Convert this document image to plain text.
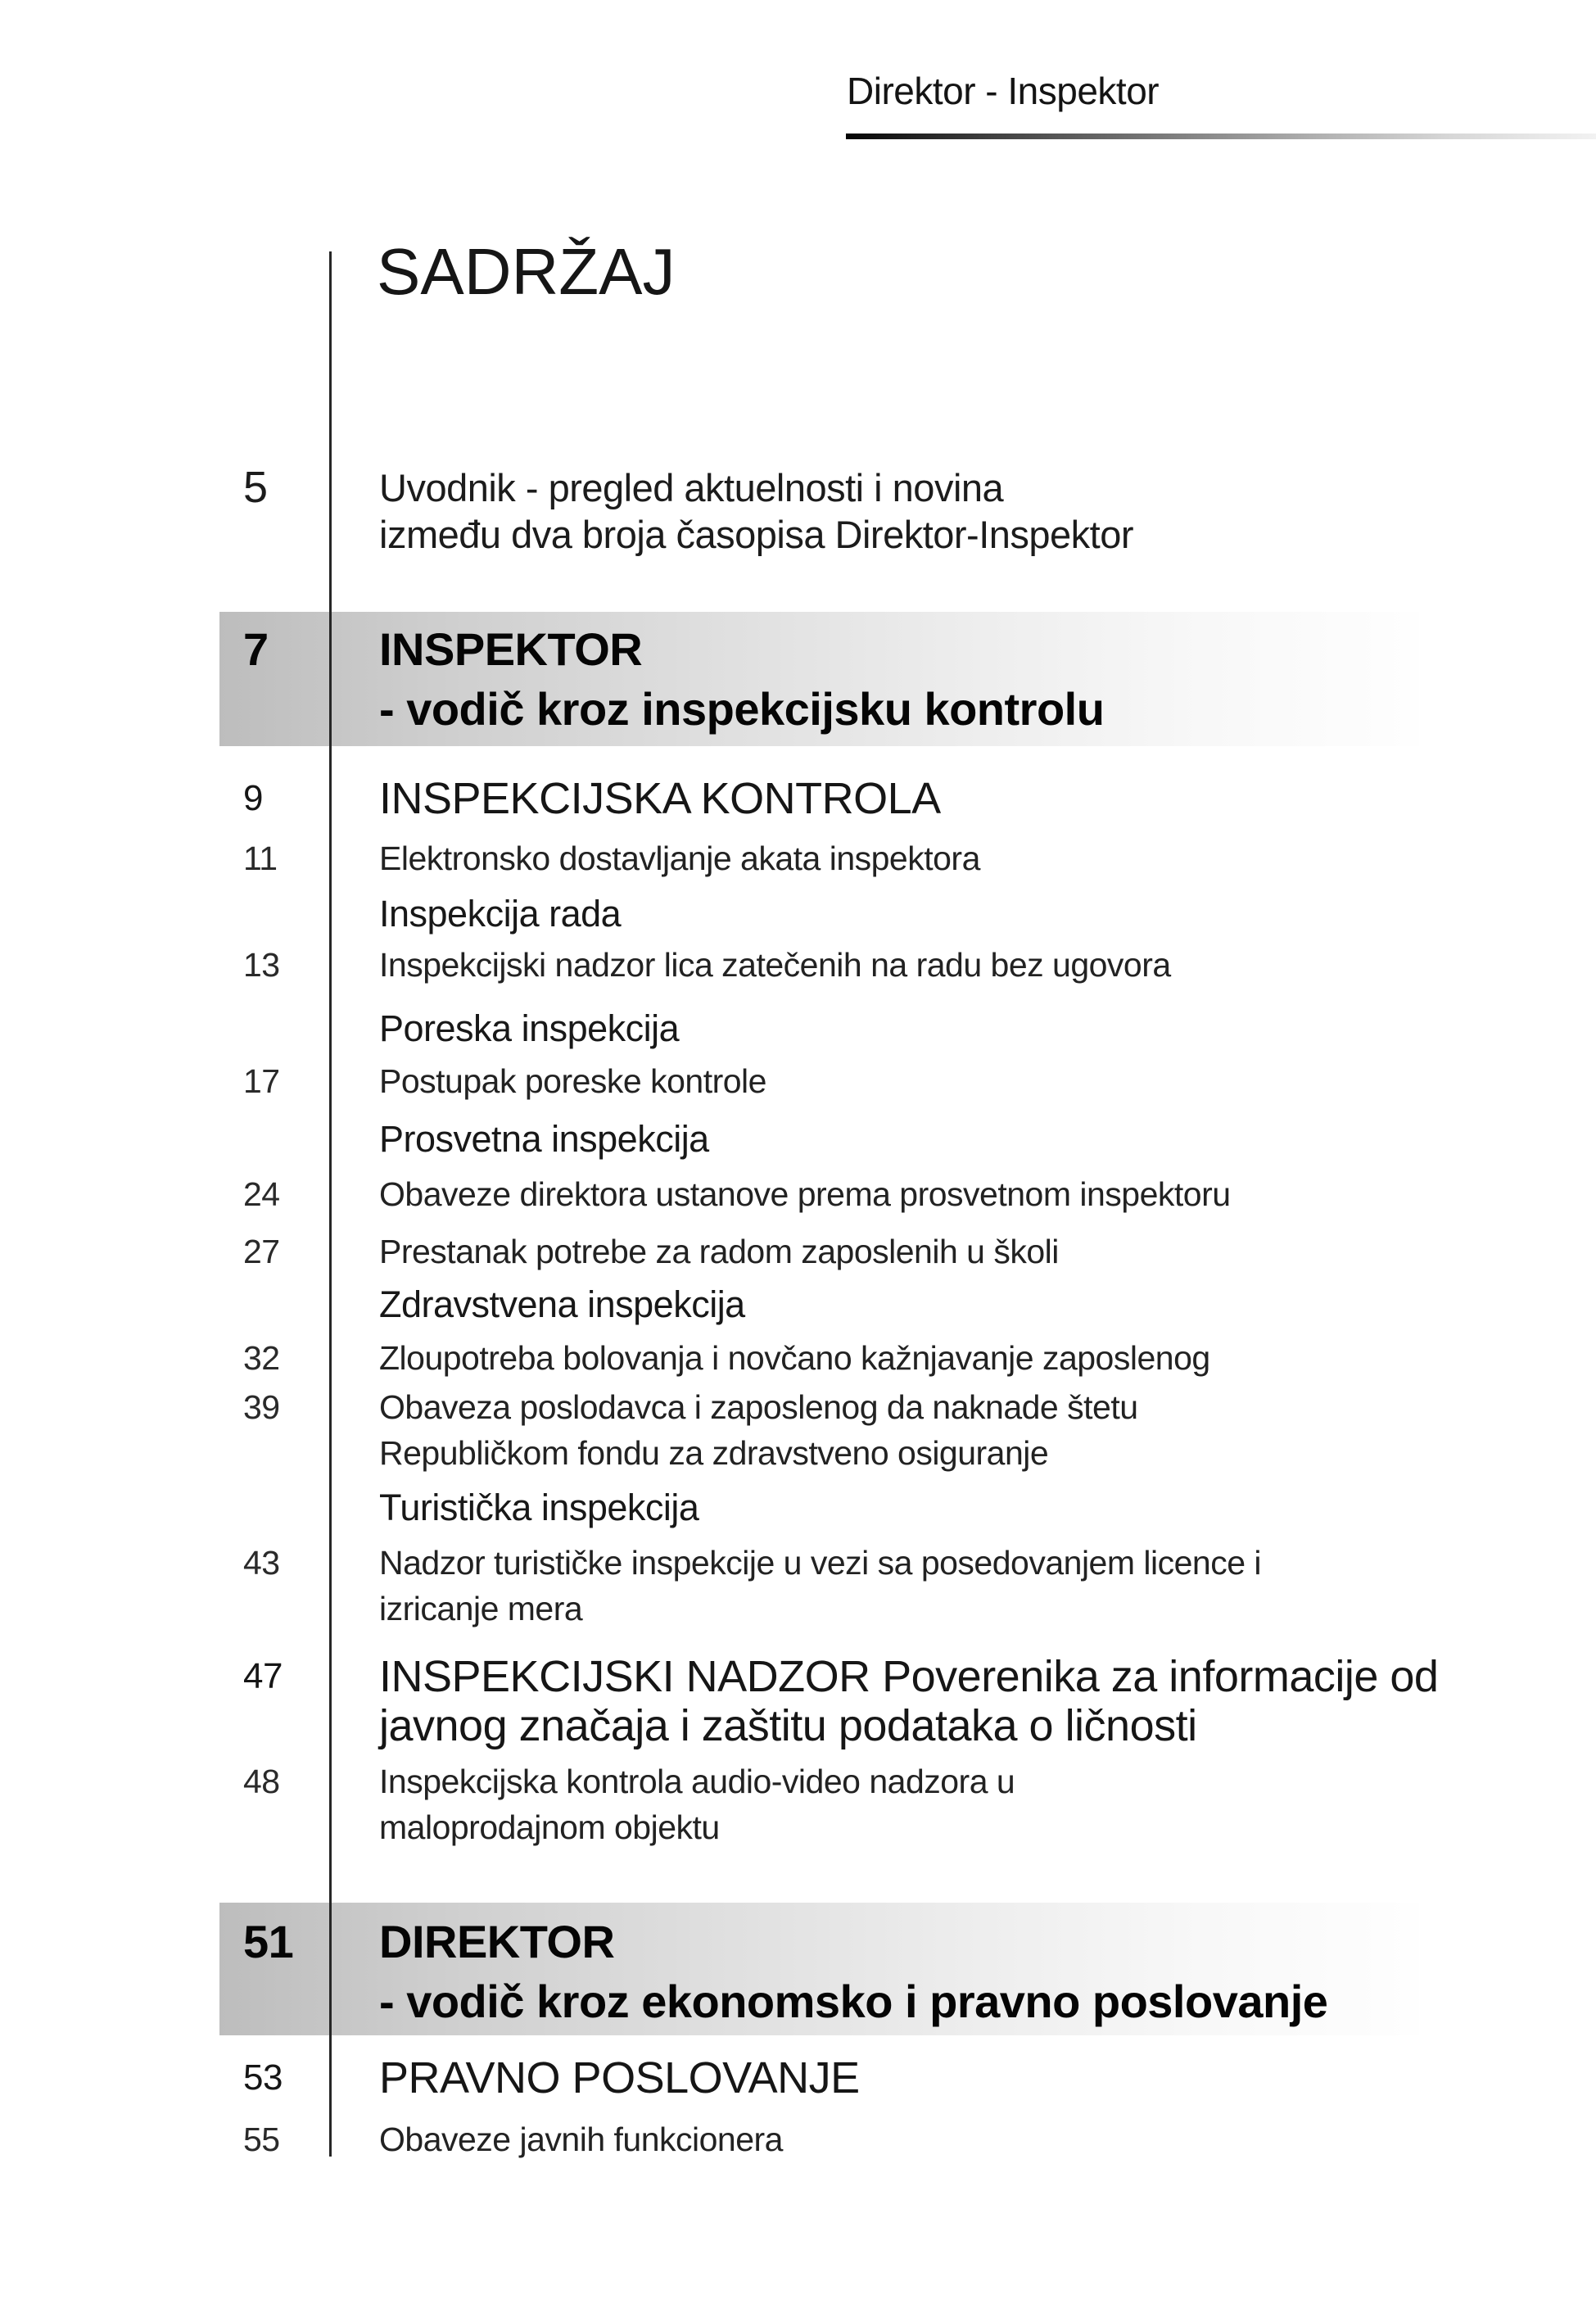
Direktor - Inspektor
SADRŽAJ
5	Uvodnik - pregled aktuelnosti i novina
između dva broja časopisa Direktor-Inspektor
7 INSPEKTOR
- vodič kroz inspekcijsku kontrolu
9	INSPEKCIJSKA KONTROLA
11	Elektronsko dostavljanje akata inspektora
Inspekcija rada
13	Inspekcijski nadzor lica zatečenih na radu bez ugovora
Poreska inspekcija
17	Postupak poreske kontrole
Prosvetna inspekcija
24	Obaveze direktora ustanove prema prosvetnom inspektoru
27	Prestanak potrebe za radom zaposlenih u školi
Zdravstvena inspekcija
32	Zloupotreba bolovanja i novčano kažnjavanje zaposlenog
39	Obaveza poslodavca i zaposlenog da naknade štetu
Republičkom fondu za zdravstveno osiguranje
Turistička inspekcija
43	Nadzor turističke inspekcije u vezi sa posedovanjem licence i
izricanje mera
47 INSPEKCIJSKI NADZOR Poverenika za informacije od
javnog značaja i zaštitu podataka o ličnosti
48	Inspekcijska kontrola audio-video nadzora u
maloprodajnom objektu
51 DIREKTOR
- vodič kroz ekonomsko i pravno poslovanje
53 PRAVNO POSLOVANJE
55	Obaveze javnih funkcionera
